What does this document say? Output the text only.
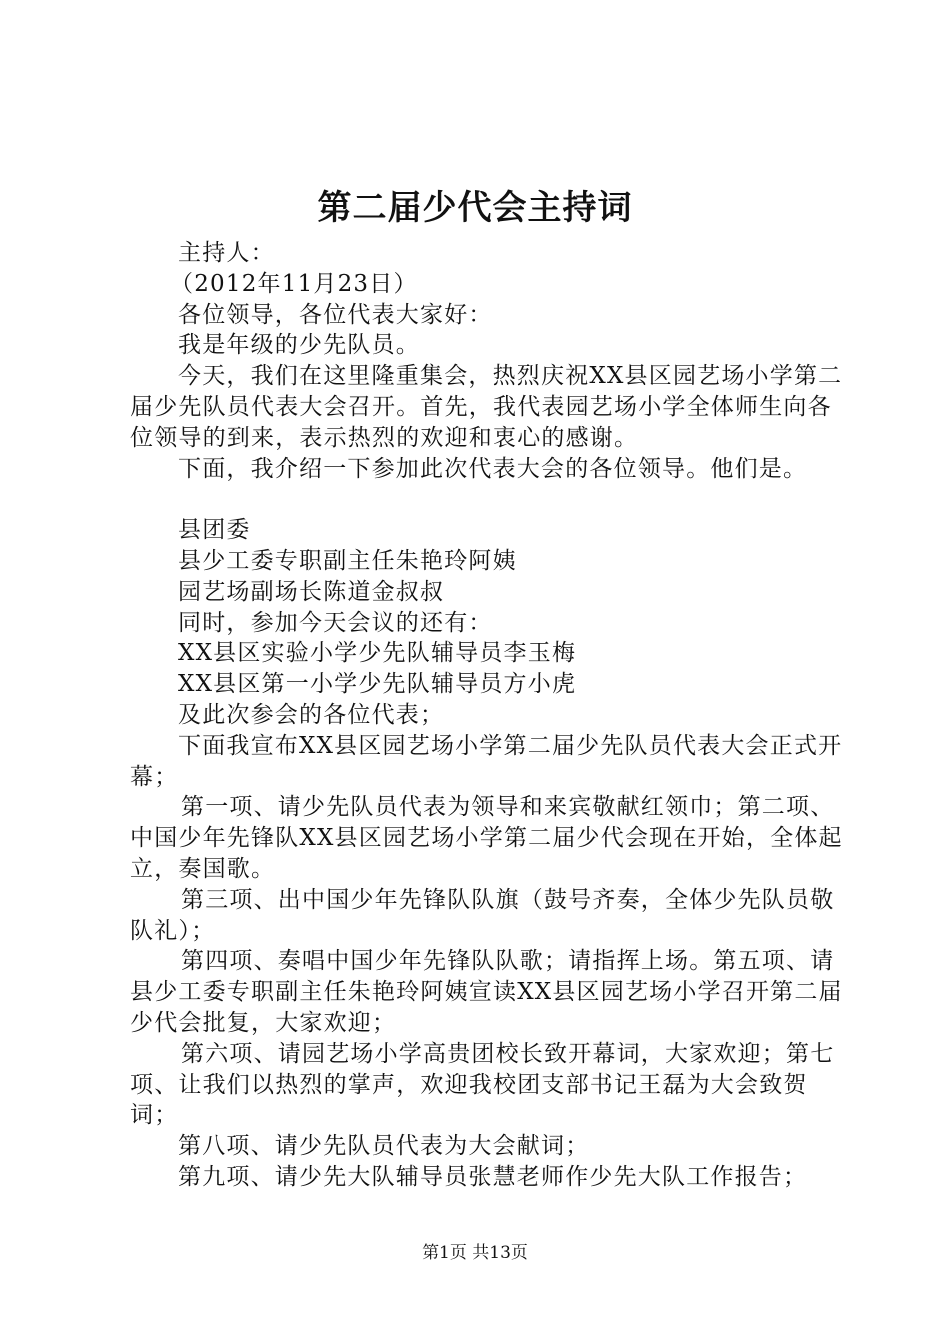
第二届少代会主持词

主持人：

（2012年11月23日）

各位领导，各位代表大家好：

我是年级的少先队员。

今天，我们在这里隆重集会，热烈庆祝XX县区园艺场小学第二届少先队员代表大会召开。首先，我代表园艺场小学全体师生向各位领导的到来，表示热烈的欢迎和衷心的感谢。

下面，我介绍一下参加此次代表大会的各位领导。他们是。

县团委

县少工委专职副主任朱艳玲阿姨

园艺场副场长陈道金叔叔

同时，参加今天会议的还有：

XX县区实验小学少先队辅导员李玉梅

XX县区第一小学少先队辅导员方小虎

及此次参会的各位代表；

下面我宣布XX县区园艺场小学第二届少先队员代表大会正式开幕；

第一项、请少先队员代表为领导和来宾敬献红领巾；第二项、中国少年先锋队XX县区园艺场小学第二届少代会现在开始，全体起立，奏国歌。

第三项、出中国少年先锋队队旗（鼓号齐奏，全体少先队员敬队礼）；

第四项、奏唱中国少年先锋队队歌；请指挥上场。第五项、请县少工委专职副主任朱艳玲阿姨宣读XX县区园艺场小学召开第二届少代会批复，大家欢迎；

第六项、请园艺场小学高贵团校长致开幕词，大家欢迎；第七项、让我们以热烈的掌声，欢迎我校团支部书记王磊为大会致贺词；

第八项、请少先队员代表为大会献词；

第九项、请少先大队辅导员张慧老师作少先大队工作报告；

第1页 共13页
